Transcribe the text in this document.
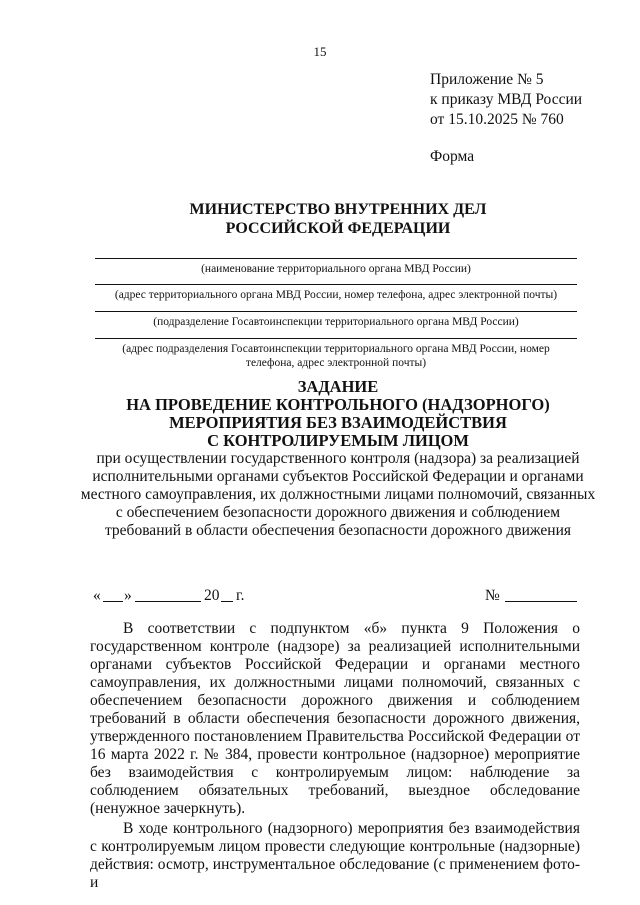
15
Приложение № 5
к приказу МВД России
от 15.10.2025 № 760
Форма
МИНИСТЕРСТВО ВНУТРЕННИХ ДЕЛ
РОССИЙСКОЙ ФЕДЕРАЦИИ
(наименование территориального органа МВД России)
(адрес территориального органа МВД России, номер телефона, адрес электронной почты)
(подразделение Госавтоинспекции территориального органа МВД России)
(адрес подразделения Госавтоинспекции территориального органа МВД России, номер телефона, адрес электронной почты)
ЗАДАНИЕ
НА ПРОВЕДЕНИЕ КОНТРОЛЬНОГО (НАДЗОРНОГО)
МЕРОПРИЯТИЯ БЕЗ ВЗАИМОДЕЙСТВИЯ
С КОНТРОЛИРУЕМЫМ ЛИЦОМ
при осуществлении государственного контроля (надзора) за реализацией исполнительными органами субъектов Российской Федерации и органами местного самоуправления, их должностными лицами полномочий, связанных с обеспечением безопасности дорожного движения и соблюдением требований в области обеспечения безопасности дорожного движения
« »	20 г.	№

В соответствии с подпунктом «б» пункта 9 Положения о государственном контроле (надзоре) за реализацией исполнительными органами субъектов Российской Федерации и органами местного самоуправления, их должностными лицами полномочий, связанных с обеспечением безопасности дорожного движения и соблюдением требований в области обеспечения безопасности дорожного движения, утвержденного постановлением Правительства Российской Федерации от 16 марта 2022 г. № 384, провести контрольное (надзорное) мероприятие без взаимодействия с контролируемым лицом: наблюдение за соблюдением обязательных требований, выездное обследование (ненужное зачеркнуть).

В ходе контрольного (надзорного) мероприятия без взаимодействия с контролируемым лицом провести следующие контрольные (надзорные) действия: осмотр, инструментальное обследование (с применением фото- и
